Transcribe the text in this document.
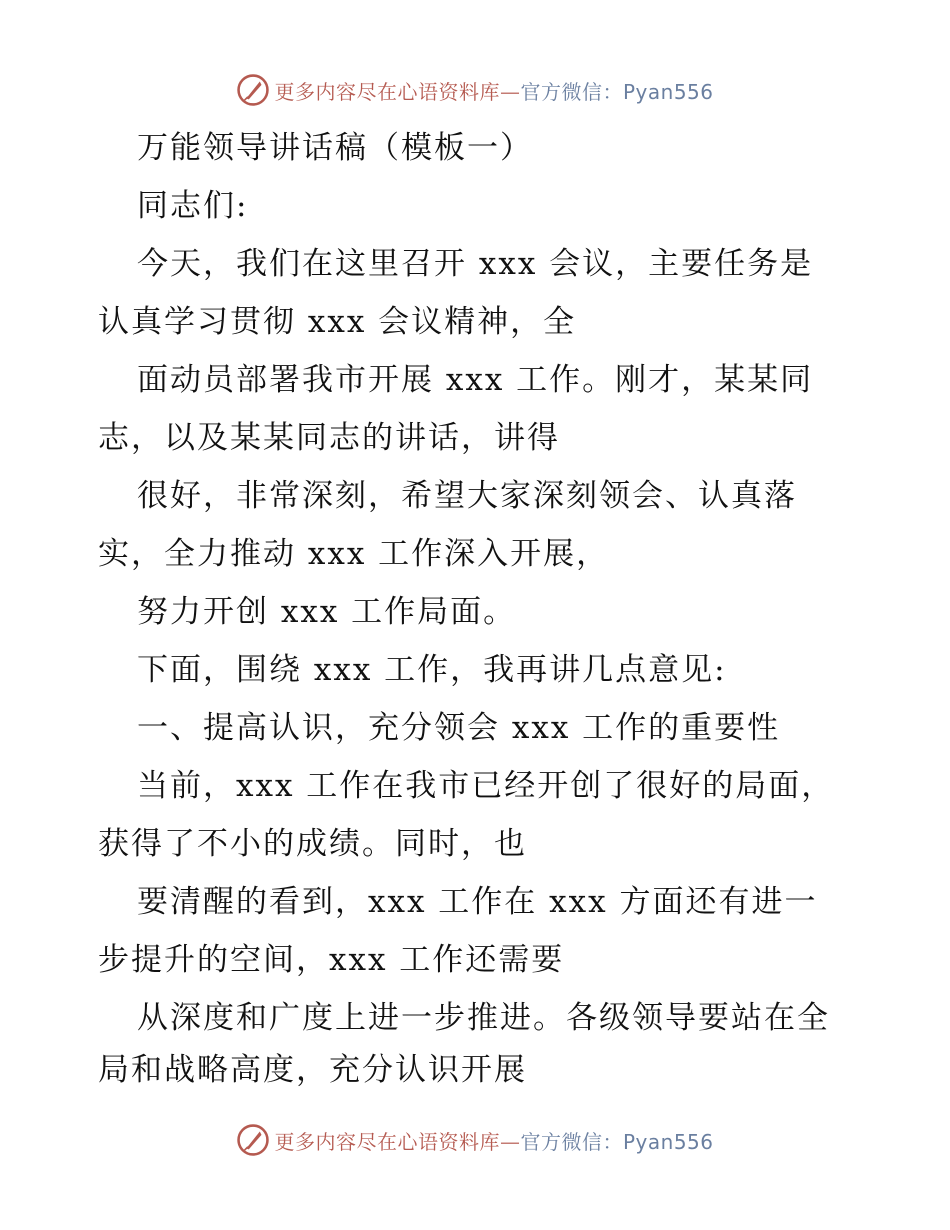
更多内容尽在心语资料库—官方微信：Pyan556
万能领导讲话稿（模板一）
同志们:
今天，我们在这里召开 xxx 会议，主要任务是
认真学习贯彻 xxx 会议精神，全
面动员部署我市开展 xxx 工作。刚才，某某同
志，以及某某同志的讲话，讲得
很好，非常深刻，希望大家深刻领会、认真落
实，全力推动 xxx 工作深入开展，
努力开创 xxx 工作局面。
下面，围绕 xxx 工作，我再讲几点意见:
一、提高认识，充分领会 xxx 工作的重要性
当前，xxx 工作在我市已经开创了很好的局面，
获得了不小的成绩。同时，也
要清醒的看到，xxx 工作在 xxx 方面还有进一
步提升的空间，xxx 工作还需要
从深度和广度上进一步推进。各级领导要站在全
局和战略高度，充分认识开展
更多内容尽在心语资料库—官方微信：Pyan556
